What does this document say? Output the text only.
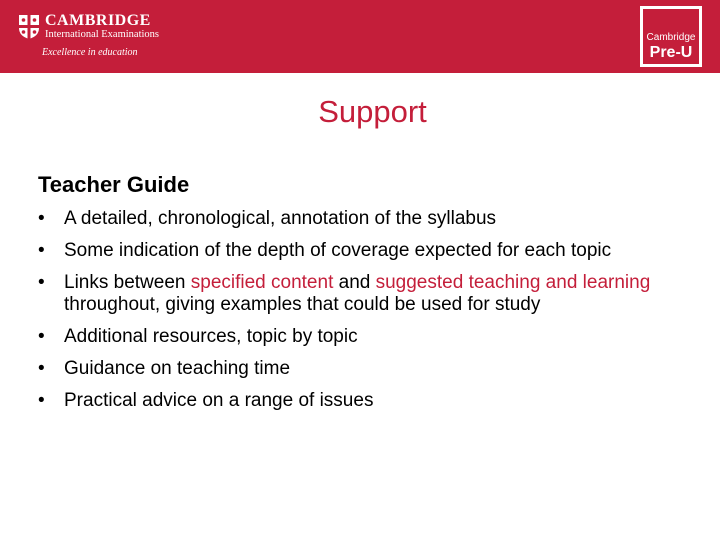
CAMBRIDGE
International Examinations
Excellence in education
Cambridge
Pre-U
Support
Teacher Guide
• A detailed, chronological, annotation of the syllabus
• Some indication of the depth of coverage expected for each topic
• Links between specified content and suggested teaching and learning throughout, giving examples that could be used for study
• Additional resources, topic by topic
• Guidance on teaching time
• Practical advice on a range of issues
